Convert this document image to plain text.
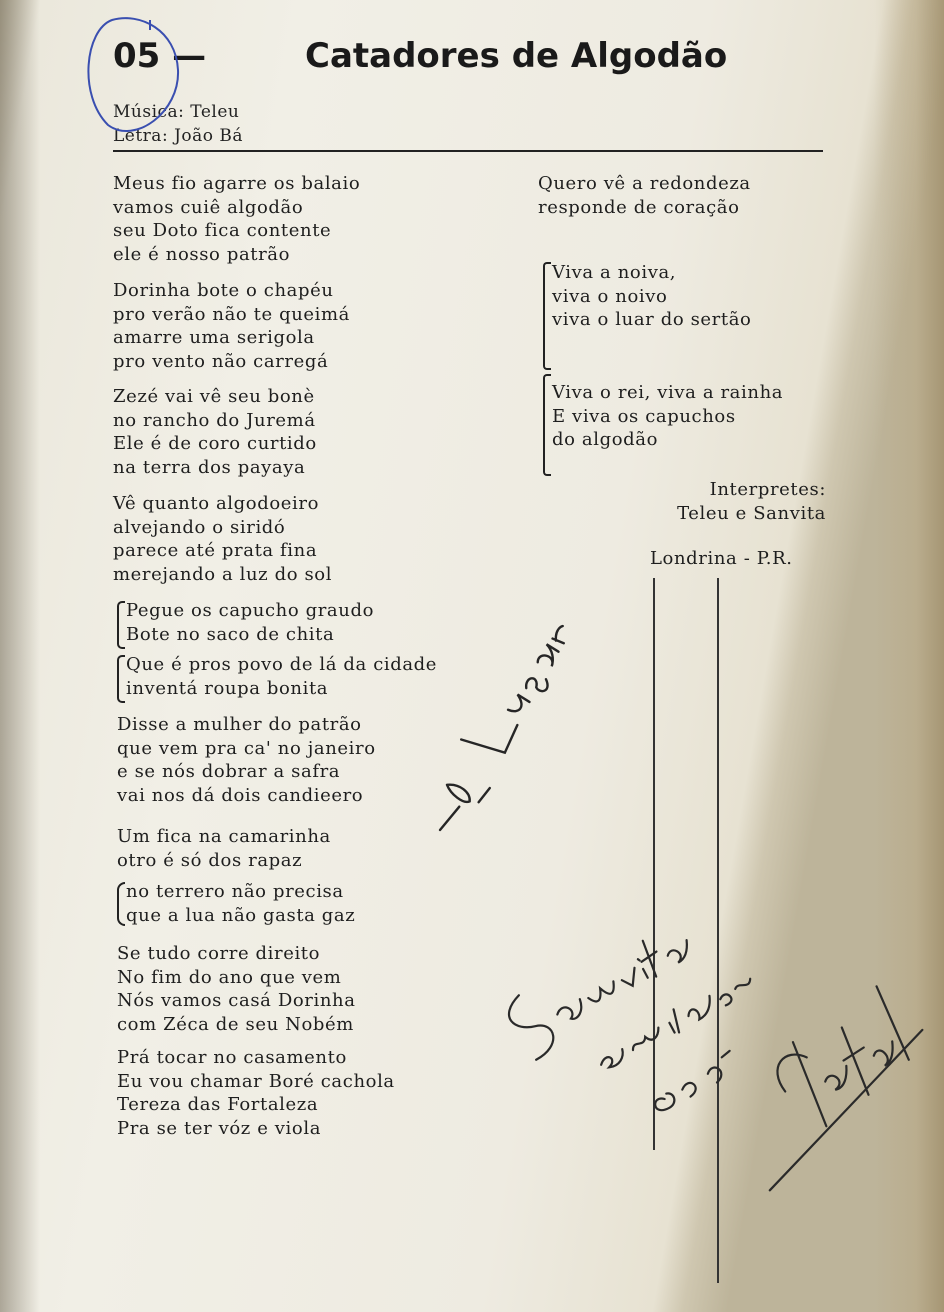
05 —	Catadores de Algodão
Música: Teleu
Letra: João Bá
Meus fio agarre os balaio
vamos cuiê algodão
seu Doto fica contente
ele é nosso patrão
Dorinha bote o chapéu
pro verão não te queimá
amarre uma serigola
pro vento não carregá
Zezé vai vê seu bonè
no rancho do Juremá
Ele é de coro curtido
na terra dos payaya
Vê quanto algodoeiro
alvejando o siridó
parece até prata fina
merejando a luz do sol
Pegue os capucho graudo
Bote no saco de chita
Que é pros povo de lá da cidade
inventá roupa bonita
Disse a mulher do patrão
que vem pra ca' no janeiro
e se nós dobrar a safra
vai nos dá dois candieero
Um fica na camarinha
otro é só dos rapaz
no terrero não precisa
que a lua não gasta gaz
Se tudo corre direito
No fim do ano que vem
Nós vamos casá Dorinha
com Zéca de seu Nobém
Prá tocar no casamento
Eu vou chamar Boré cachola
Tereza das Fortaleza
Pra se ter vóz e viola
Quero vê a redondeza
responde de coração
Viva a noiva,
viva o noivo
viva o luar do sertão
Viva o rei, viva a rainha
E viva os capuchos
do algodão
Interpretes:
Teleu e Sanvita
Londrina - P.R.
